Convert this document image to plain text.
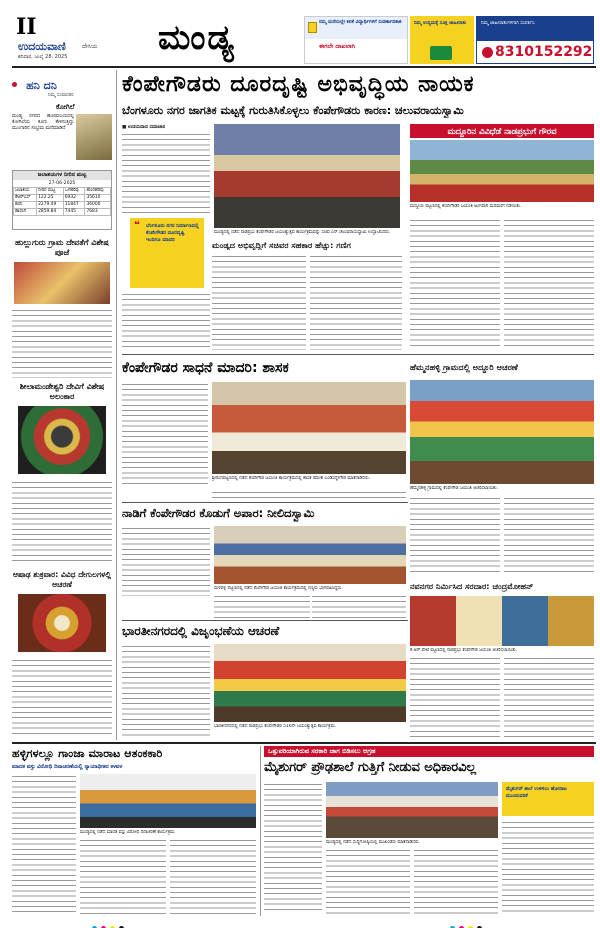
II
ಉದಯವಾಣಿ	ದೇಸಿಯ
ಶನಿವಾರ, ಜುಲೈ 28, 2025	ಮಂಡ್ಯ	ನಮ್ಮ ಮನೆಯಲ್ಲೇ ಕಲಿಕೆ ವಿದ್ಯಾರ್ಥಿಗಳಿಗೆ ಸುವರ್ಣಾವಕಾಶ
ಈಗಲೇ ದಾಖಲಾಗಿ
ನಿಮ್ಮ ಉದ್ಯಮಕ್ಕೆ ಸೂಕ್ತ ಜಾಹೀರಾತು	ನಿಮ್ಮ ಜಾಹೀರಾತುಗಳಿಗಾಗಿ ಸಂಪರ್ಕಿಸಿ
8310152292
ಹನಿ ದನಿ
ನಿಮ್ಮ ಸಂಪಾದಕರ
ಕೋಗಿಲೆ
ಮಂಡ್ಯ ನಗರದ ಹೊರವಲಯದಲ್ಲಿ ಕೋಗಿಲೆಯ ಕೂಗು ಕೇಳಿಸುತ್ತಿದ್ದು ಮುಂಗಾರಿನ ಸಂಭ್ರಮ ಮನೆಮಾಡಿದೆ
ಜಲಾಶಯಗಳ ನೀರಿನ ಮಟ್ಟ
27-06-2025
ಜಲಾಶಯ	ನೀರಿನ ಮಟ್ಟ	ಒಳಹರಿವು	ಹೊರಹರಿವು
ಕೆಆರ್‌ಎಸ್	122.25	6932	35610
ಕಬಿನಿ	2279.49	11847	36000
ಹಾರಂಗಿ	2859.84	7445	7683
ಹುಲ್ಲುಗುರು ಗ್ರಾಮ ದೇವತೆಗೆ ವಿಶೇಷ ಪೂಜೆ
ಶೀಲಾಮಂಡೇಶ್ವರಿ ದೇವಿಗೆ ವಿಶೇಷ ಅಲಂಕಾರ
ಆಷಾಢ ಶುಕ್ರವಾರ: ವಿವಿಧ ದೇಗುಲಗಳಲ್ಲಿ ಆಚರಣೆ
ಕೆಂಪೇಗೌಡರು ದೂರದೃಷ್ಟಿ ಅಭಿವೃದ್ಧಿಯ ನಾಯಕ
ಬೆಂಗಳೂರು ನಗರ ಜಾಗತಿಕ ಮಟ್ಟಕ್ಕೆ ಗುರುತಿಸಿಕೊಳ್ಳಲು ಕೆಂಪೇಗೌಡರು ಕಾರಣ: ಚಲುವರಾಯಸ್ವಾಮಿ
■ ಉದಯವಾಣಿ ಸಮಾಚಾರ
ಮಂಡ್ಯದಲ್ಲಿ ನಡೆದ ನಾಡಪ್ರಭು ಕೆಂಪೇಗೌಡರ ಜಯಂತ್ಯುತ್ಸವ ಕಾರ್ಯಕ್ರಮವನ್ನು ಸಚಿವ ಎನ್.ಚಲುವರಾಯಸ್ವಾಮಿ ಉದ್ಘಾಟಿಸಿದರು.
❝ ಬೆಂಗಳೂರು ನಗರ ನಿರ್ಮಾಣದಲ್ಲಿ ಕೆಂಪೇಗೌಡರ ದೂರದೃಷ್ಟಿ ಇಂದಿಗೂ ಮಾದರಿ
ಮಂಡ್ಯದ ಅಭಿವೃದ್ಧಿಗೆ ಸಚಿವರ ಸಹಕಾರ ಹೆಚ್ಚು: ಗಣಿಗ
ಮದ್ದೂರಿನ ವಿವಿಧೆಡೆ ನಾಡಪ್ರಭುಗೆ ಗೌರವ
ಮದ್ದೂರು ಪಟ್ಟಣದಲ್ಲಿ ಕೆಂಪೇಗೌಡರ ಜಯಂತಿ ಅಂಗವಾಗಿ ಮೆರವಣಿಗೆ ನಡೆಯಿತು.
ಕೆಂಪೇಗೌಡರ ಸಾಧನೆ ಮಾದರಿ: ಶಾಸಕ
ಶ್ರೀರಂಗಪಟ್ಟಣದಲ್ಲಿ ನಡೆದ ಕೆಂಪೇಗೌಡ ಜಯಂತಿ ಕಾರ್ಯಕ್ರಮದಲ್ಲಿ ಶಾಸಕ ರಮೇಶ ಬಂಡಿಸಿದ್ದೇಗೌಡ ಮಾತನಾಡಿದರು.
ಹೆಮ್ಮನಹಳ್ಳಿ ಗ್ರಾಮದಲ್ಲಿ ಅದ್ದೂರಿ ಆಚರಣೆ
ಹೆಮ್ಮನಹಳ್ಳಿ ಗ್ರಾಮದಲ್ಲಿ ಕೆಂಪೇಗೌಡ ಜಯಂತಿ ಆಚರಿಸಲಾಯಿತು.
ನಾಡಿಗೆ ಕೆಂಪೇಗೌಡರ ಕೊಡುಗೆ ಅಪಾರ: ನೀಲಿದಸ್ವಾಮಿ
ಮಳವಳ್ಳಿ ಪಟ್ಟಣದಲ್ಲಿ ನಡೆದ ಕೆಂಪೇಗೌಡ ಜಯಂತಿ ಕಾರ್ಯಕ್ರಮದಲ್ಲಿ ಗಣ್ಯರು ಭಾಗವಹಿಸಿದ್ದರು.	ನವನಗರ ನಿರ್ಮಿಸಿದ ಸರದಾರ: ಚಂದ್ರಮೋಹನ್
ಕೆ.ಆರ್.ಪೇಟೆ ಪಟ್ಟಣದಲ್ಲಿ ನಾಡಪ್ರಭು ಕೆಂಪೇಗೌಡ ಜಯಂತಿ ಆಚರಿಸಲಾಯಿತು.
ಭಾರತೀನಗರದಲ್ಲಿ ವಿಜೃಂಭಣೆಯ ಆಚರಣೆ
ಭಾರತೀನಗರದಲ್ಲಿ ನಡೆದ ನಾಡಪ್ರಭು ಕೆಂಪೇಗೌಡರ 516ನೇ ಜಯಂತ್ಯುತ್ಸವ ಕಾರ್ಯಕ್ರಮ.
ಹಳ್ಳಿಗಳಲ್ಲೂ ಗಾಂಜಾ ಮಾರಾಟ ಆತಂಕಕಾರಿ
ಮಾದಕ ವಸ್ತು ವಿರೋಧಿ ದಿನಾಚರಣೆಯಲ್ಲಿ ನ್ಯಾಯಾಧೀಶರ ಕಳವಳ
ಮಂಡ್ಯದಲ್ಲಿ ನಡೆದ ಮಾದಕ ವಸ್ತು ವಿರೋಧಿ ದಿನಾಚರಣೆ ಕಾರ್ಯಕ್ರಮ.
ಒತ್ತುವರಿಯಾಗಿರುವ ಸರಕಾರಿ ಜಾಗ ಬಿಡಿಸಲು ಆಗ್ರಹ
ಮೈಶುಗರ್ ಪ್ರೌಢಶಾಲೆ ಗುತ್ತಿಗೆ ನೀಡುವ ಅಧಿಕಾರವಿಲ್ಲ
ಮಂಡ್ಯದಲ್ಲಿ ನಡೆದ ಸುದ್ದಿಗೋಷ್ಠಿಯಲ್ಲಿ ಮುಖಂಡರು ಮಾತನಾಡಿದರು.
ಮೈಶುಗರ್ ಶಾಲೆ ಉಳಿಸಲು ಹೋರಾಟ ಮುಂದುವರಿಕೆ
